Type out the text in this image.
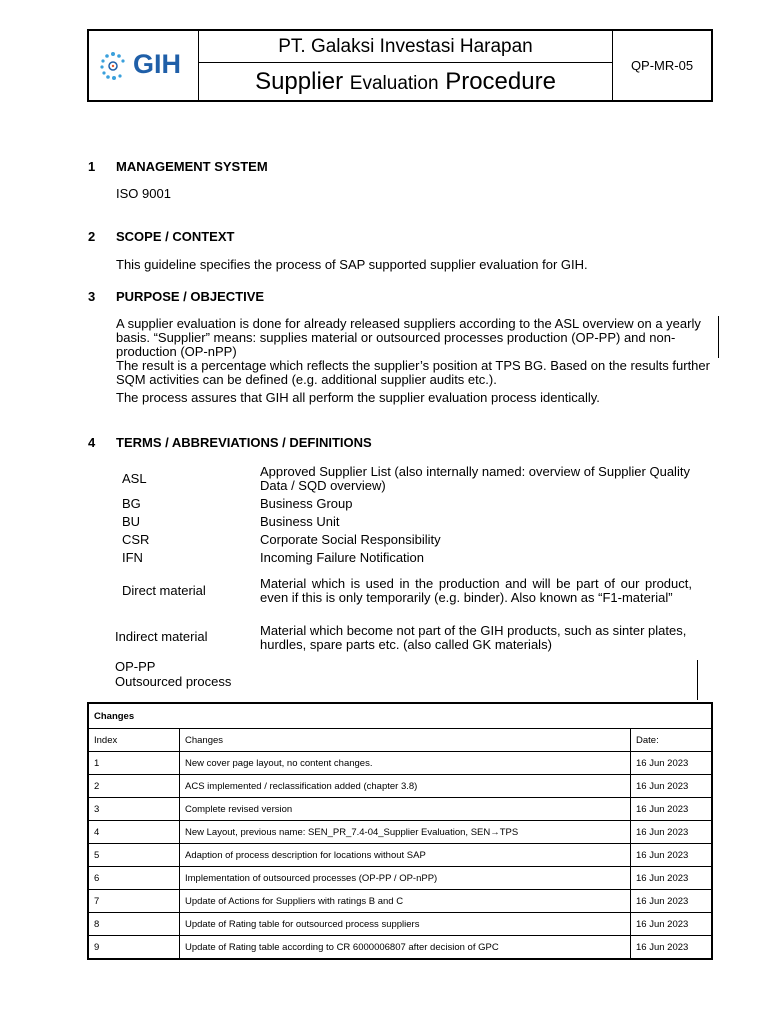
GIH
PT. Galaksi Investasi Harapan
Supplier Evaluation Procedure
QP-MR-05
1 MANAGEMENT SYSTEM
ISO 9001
2 SCOPE / CONTEXT
This guideline specifies the process of SAP supported supplier evaluation for GIH.
3 PURPOSE / OBJECTIVE
A supplier evaluation is done for already released suppliers according to the ASL overview on a yearly basis. “Supplier” means: supplies material or outsourced processes production (OP-PP) and non-production (OP-nPP)
The result is a percentage which reflects the supplier’s position at TPS BG. Based on the results further SQM activities can be defined (e.g. additional supplier audits etc.).
The process assures that GIH all perform the supplier evaluation process identically.
4 TERMS / ABBREVIATIONS / DEFINITIONS
ASL	Approved Supplier List (also internally named: overview of Supplier Quality Data / SQD overview)
BG	Business Group
BU	Business Unit
CSR	Corporate Social Responsibility
IFN	Incoming Failure Notification
Direct material	Material which is used in the production and will be part of our product, even if this is only temporarily (e.g. binder). Also known as “F1-material”
Indirect material	Material which become not part of the GIH products, such as sinter plates, hurdles, spare parts etc. (also called GK materials)
OP-PP
Outsourced process
Changes		
Index	Changes	Date:
1	New cover page layout, no content changes.	16 Jun 2023
2	ACS implemented / reclassification added (chapter 3.8)	16 Jun 2023
3	Complete revised version	16 Jun 2023
4	New Layout, previous name: SEN_PR_7.4-04_Supplier Evaluation, SEN→TPS	16 Jun 2023
5	Adaption of process description for locations without SAP	16 Jun 2023
6	Implementation of outsourced processes (OP-PP / OP-nPP)	16 Jun 2023
7	Update of Actions for Suppliers with ratings B and C	16 Jun 2023
8	Update of Rating table for outsourced process suppliers	16 Jun 2023
9	Update of Rating table according to CR 6000006807 after decision of GPC	16 Jun 2023
